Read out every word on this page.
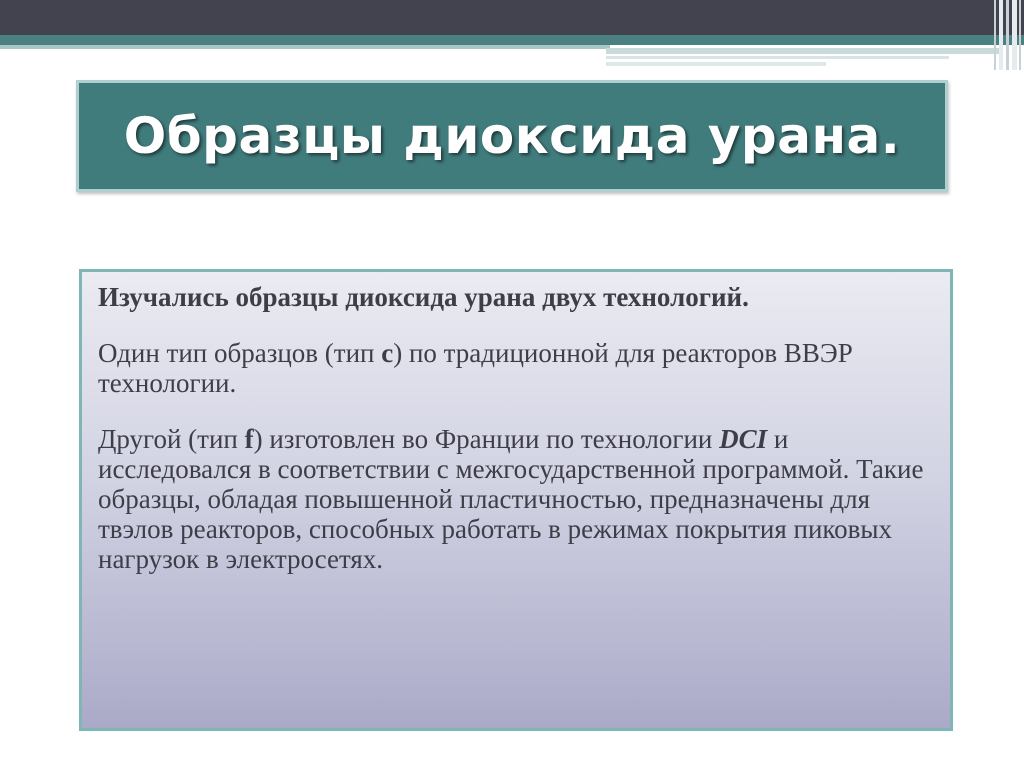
Образцы диоксида урана.

Изучались образцы диоксида урана двух технологий.

Один тип образцов (тип с) по традиционной для реакторов ВВЭР технологии.

Другой (тип f) изготовлен во Франции по технологии DCI и исследовался в соответствии с межгосударственной программой. Такие образцы, обладая повышенной пластичностью, предназначены для твэлов реакторов, способных работать в режимах покрытия пиковых нагрузок в электросетях.
